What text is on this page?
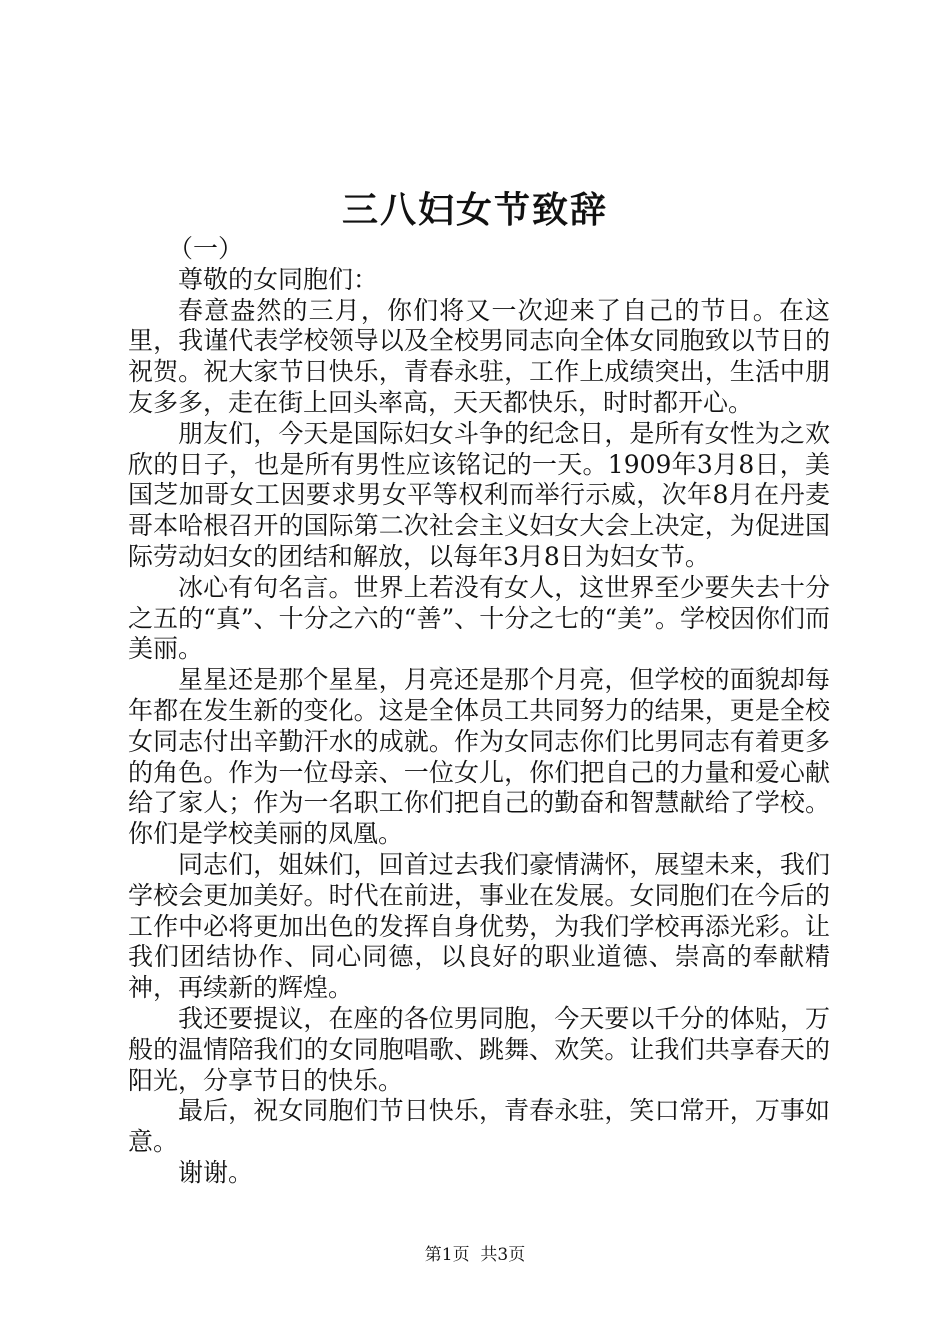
三八妇女节致辞

（一）

尊敬的女同胞们：

春意盎然的三月，你们将又一次迎来了自己的节日。在这里，我谨代表学校领导以及全校男同志向全体女同胞致以节日的祝贺。祝大家节日快乐，青春永驻，工作上成绩突出，生活中朋友多多，走在街上回头率高，天天都快乐，时时都开心。

朋友们，今天是国际妇女斗争的纪念日，是所有女性为之欢欣的日子，也是所有男性应该铭记的一天。1909年3月8日，美国芝加哥女工因要求男女平等权利而举行示威，次年8月在丹麦哥本哈根召开的国际第二次社会主义妇女大会上决定，为促进国际劳动妇女的团结和解放，以每年3月8日为妇女节。

冰心有句名言。世界上若没有女人，这世界至少要失去十分之五的“真”、十分之六的“善”、十分之七的“美”。学校因你们而美丽。

星星还是那个星星，月亮还是那个月亮，但学校的面貌却每年都在发生新的变化。这是全体员工共同努力的结果，更是全校女同志付出辛勤汗水的成就。作为女同志你们比男同志有着更多的角色。作为一位母亲、一位女儿，你们把自己的力量和爱心献给了家人；作为一名职工你们把自己的勤奋和智慧献给了学校。你们是学校美丽的凤凰。

同志们，姐妹们，回首过去我们豪情满怀，展望未来，我们学校会更加美好。时代在前进，事业在发展。女同胞们在今后的工作中必将更加出色的发挥自身优势，为我们学校再添光彩。让我们团结协作、同心同德，以良好的职业道德、崇高的奉献精神，再续新的辉煌。

我还要提议，在座的各位男同胞，今天要以千分的体贴，万般的温情陪我们的女同胞唱歌、跳舞、欢笑。让我们共享春天的阳光，分享节日的快乐。

最后，祝女同胞们节日快乐，青春永驻，笑口常开，万事如意。

谢谢。

第1页  共3页
